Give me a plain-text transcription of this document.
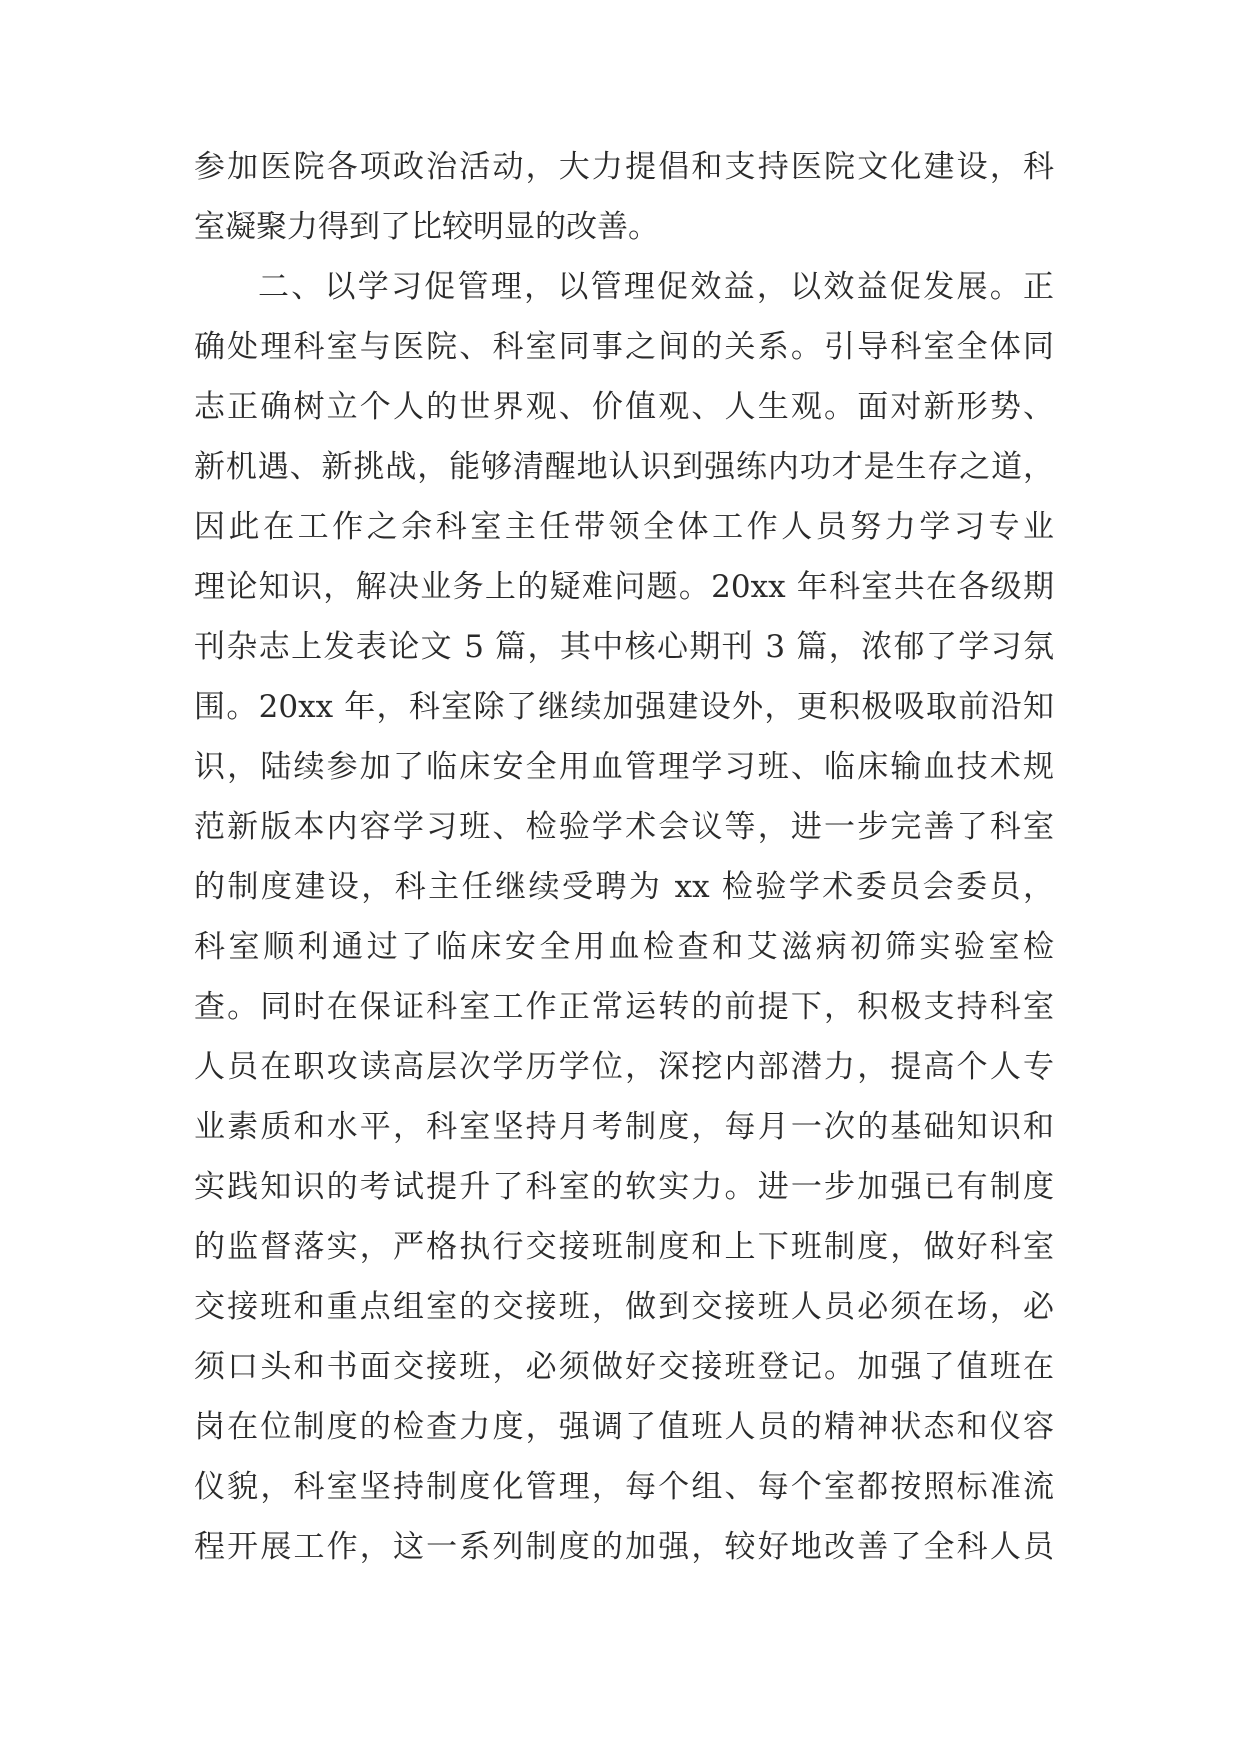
参加医院各项政治活动，大力提倡和支持医院文化建设，科
室凝聚力得到了比较明显的改善。
二、以学习促管理，以管理促效益，以效益促发展。正
确处理科室与医院、科室同事之间的关系。引导科室全体同
志正确树立个人的世界观、价值观、人生观。面对新形势、
新机遇、新挑战，能够清醒地认识到强练内功才是生存之道，
因此在工作之余科室主任带领全体工作人员努力学习专业
理论知识，解决业务上的疑难问题。20xx 年科室共在各级期
刊杂志上发表论文 5 篇，其中核心期刊 3 篇，浓郁了学习氛
围。20xx 年，科室除了继续加强建设外，更积极吸取前沿知
识，陆续参加了临床安全用血管理学习班、临床输血技术规
范新版本内容学习班、检验学术会议等，进一步完善了科室
的制度建设，科主任继续受聘为 xx 检验学术委员会委员，
科室顺利通过了临床安全用血检查和艾滋病初筛实验室检
查。同时在保证科室工作正常运转的前提下，积极支持科室
人员在职攻读高层次学历学位，深挖内部潜力，提高个人专
业素质和水平，科室坚持月考制度，每月一次的基础知识和
实践知识的考试提升了科室的软实力。进一步加强已有制度
的监督落实，严格执行交接班制度和上下班制度，做好科室
交接班和重点组室的交接班，做到交接班人员必须在场，必
须口头和书面交接班，必须做好交接班登记。加强了值班在
岗在位制度的检查力度，强调了值班人员的精神状态和仪容
仪貌，科室坚持制度化管理，每个组、每个室都按照标准流
程开展工作，这一系列制度的加强，较好地改善了全科人员
